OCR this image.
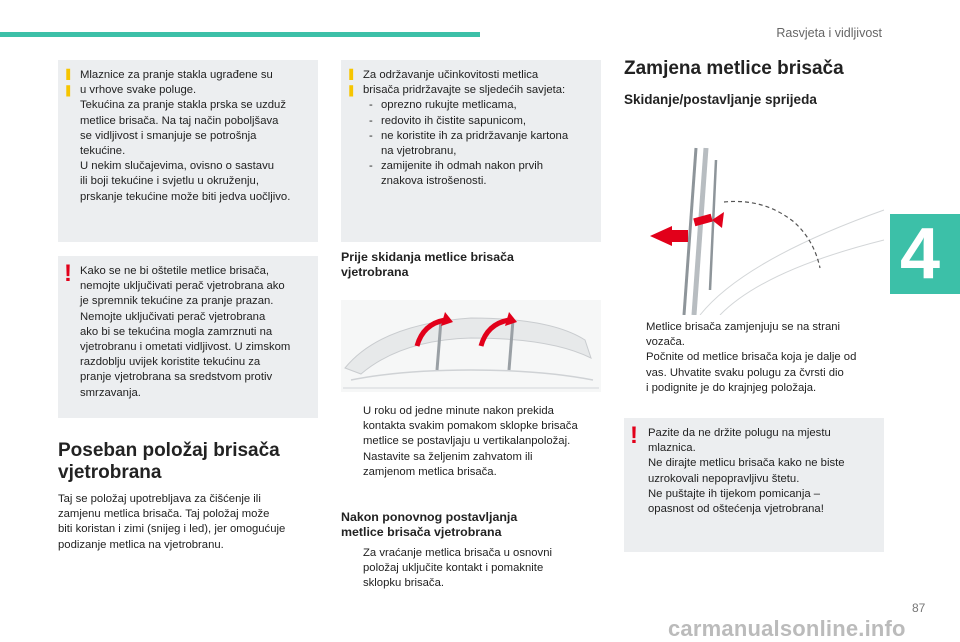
Rasvjeta i vidljivost
4
¦ Mlaznice za pranje stakla ugrađene su
u vrhove svake poluge.
Tekućina za pranje stakla prska se uzduž
metlice brisača. Na taj način poboljšava
se vidljivost i smanjuje se potrošnja
tekućine.
U nekim slučajevima, ovisno o sastavu
ili boji tekućine i svjetlu u okruženju,
prskanje tekućine može biti jedva uočljivo.
! Kako se ne bi oštetile metlice brisača,
nemojte uključivati perač vjetrobrana ako
je spremnik tekućine za pranje prazan.
Nemojte uključivati perač vjetrobrana
ako bi se tekućina mogla zamrznuti na
vjetrobranu i ometati vidljivost. U zimskom
razdoblju uvijek koristite tekućinu za
pranje vjetrobrana sa sredstvom protiv
smrzavanja.
Poseban položaj brisača
vjetrobrana
Taj se položaj upotrebljava za čišćenje ili
zamjenu metlica brisača. Taj položaj može
biti koristan i zimi (snijeg i led), jer omogućuje
podizanje metlica na vjetrobranu.
¦ Za održavanje učinkovitosti metlica
brisača pridržavajte se sljedećih savjeta:
- oprezno rukujte metlicama,
- redovito ih čistite sapunicom,
- ne koristite ih za pridržavanje kartona
na vjetrobranu,
- zamijenite ih odmah nakon prvih
znakova istrošenosti.
Prije skidanja metlice brisača
vjetrobrana
U roku od jedne minute nakon prekida
kontakta svakim pomakom sklopke brisača
metlice se postavljaju u vertikalanpoložaj.
Nastavite sa željenim zahvatom ili
zamjenom metlica brisača.
Nakon ponovnog postavljanja
metlice brisača vjetrobrana
Za vraćanje metlica brisača u osnovni
položaj uključite kontakt i pomaknite
sklopku brisača.
Zamjena metlice brisača
Skidanje/postavljanje sprijeda
Metlice brisača zamjenjuju se na strani
vozača.
Počnite od metlice brisača koja je dalje od
vas. Uhvatite svaku polugu za čvrsti dio
i podignite je do krajnjeg položaja.
! Pazite da ne držite polugu na mjestu
mlaznica.
Ne dirajte metlicu brisača kako ne biste
uzrokovali nepopravljivu štetu.
Ne puštajte ih tijekom pomicanja –
opasnost od oštećenja vjetrobrana!
87
carmanualsonline.info
